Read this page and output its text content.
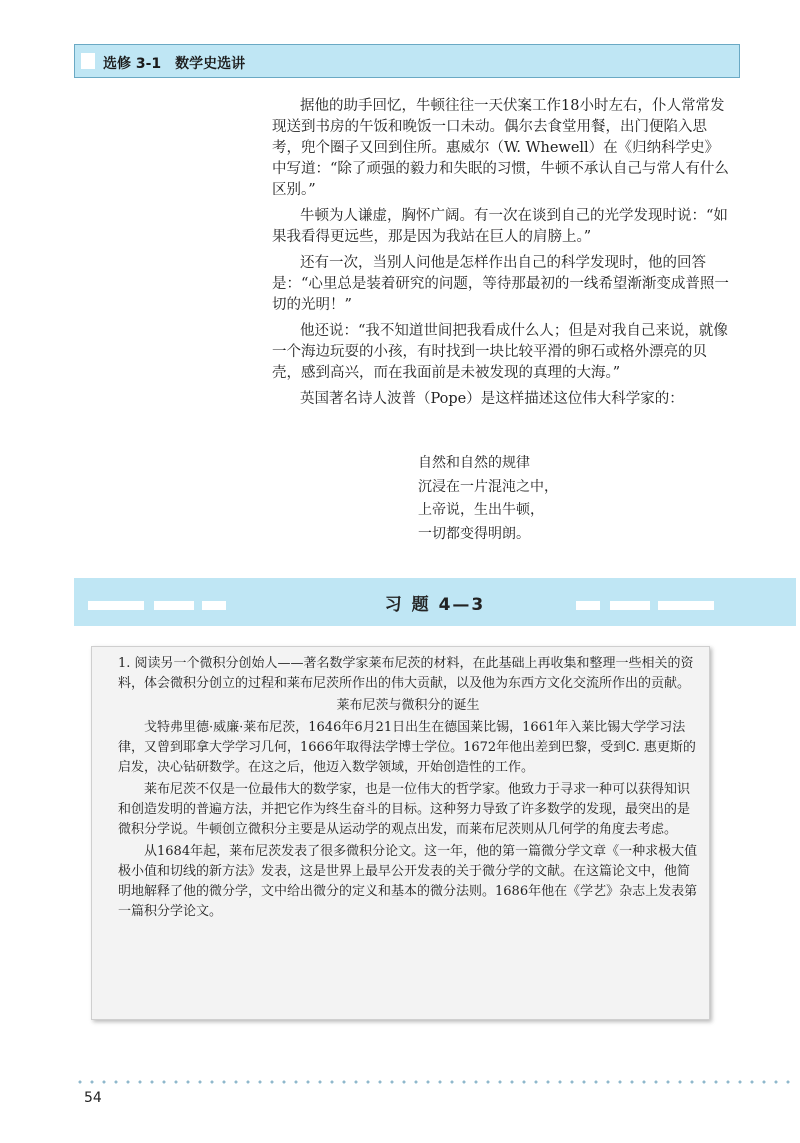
选修 3-1　数学史选讲

据他的助手回忆，牛顿往往一天伏案工作18小时左右，仆人常常发现送到书房的午饭和晚饭一口未动。偶尔去食堂用餐，出门便陷入思考，兜个圈子又回到住所。惠威尔（W. Whewell）在《归纳科学史》中写道：“除了顽强的毅力和失眠的习惯，牛顿不承认自己与常人有什么区别。”

牛顿为人谦虚，胸怀广阔。有一次在谈到自己的光学发现时说：“如果我看得更远些，那是因为我站在巨人的肩膀上。”

还有一次，当别人问他是怎样作出自己的科学发现时，他的回答是：“心里总是装着研究的问题，等待那最初的一线希望渐渐变成普照一切的光明！”

他还说：“我不知道世间把我看成什么人；但是对我自己来说，就像一个海边玩耍的小孩，有时找到一块比较平滑的卵石或格外漂亮的贝壳，感到高兴，而在我面前是未被发现的真理的大海。”

英国著名诗人波普（Pope）是这样描述这位伟大科学家的：

自然和自然的规律
沉浸在一片混沌之中，
上帝说，生出牛顿，
一切都变得明朗。
习 题 4—3

1. 阅读另一个微积分创始人——著名数学家莱布尼茨的材料，在此基础上再收集和整理一些相关的资料，体会微积分创立的过程和莱布尼茨所作出的伟大贡献，以及他为东西方文化交流所作出的贡献。

莱布尼茨与微积分的诞生

戈特弗里德·威廉·莱布尼茨，1646年6月21日出生在德国莱比锡，1661年入莱比锡大学学习法律，又曾到耶拿大学学习几何，1666年取得法学博士学位。1672年他出差到巴黎，受到C. 惠更斯的启发，决心钻研数学。在这之后，他迈入数学领域，开始创造性的工作。

莱布尼茨不仅是一位最伟大的数学家，也是一位伟大的哲学家。他致力于寻求一种可以获得知识和创造发明的普遍方法，并把它作为终生奋斗的目标。这种努力导致了许多数学的发现，最突出的是微积分学说。牛顿创立微积分主要是从运动学的观点出发，而莱布尼茨则从几何学的角度去考虑。

从1684年起，莱布尼茨发表了很多微积分论文。这一年，他的第一篇微分学文章《一种求极大值极小值和切线的新方法》发表，这是世界上最早公开发表的关于微分学的文献。在这篇论文中，他简明地解释了他的微分学，文中给出微分的定义和基本的微分法则。1686年他在《学艺》杂志上发表第一篇积分学论文。

54
